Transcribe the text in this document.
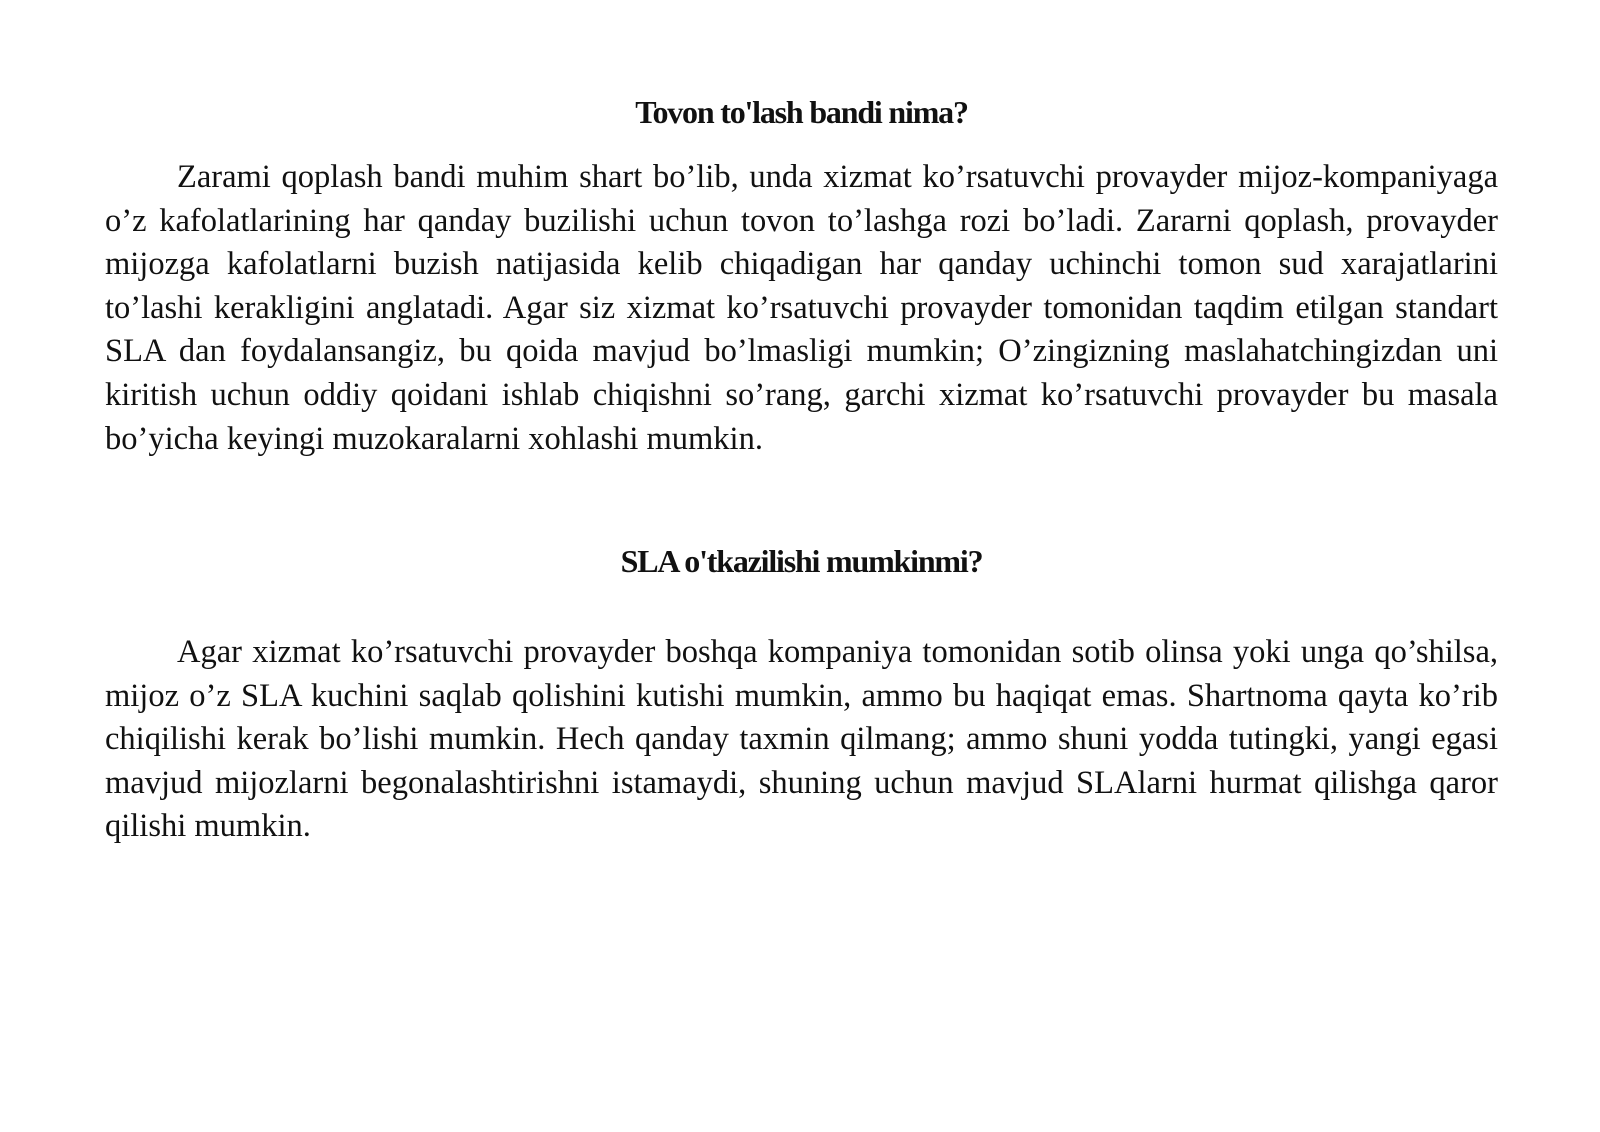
Tovon to'lash bandi nima?

Zarami qoplash bandi muhim shart bo’lib, unda xizmat ko’rsatuvchi provayder mijoz-kompaniyaga o’z kafolatlarining har qanday buzilishi uchun tovon to’lashga rozi bo’ladi. Zararni qoplash, provayder mijozga kafolatlarni buzish natijasida kelib chiqadigan har qanday uchinchi tomon sud xarajatlarini to’lashi kerakligini anglatadi. Agar siz xizmat ko’rsatuvchi provayder tomonidan taqdim etilgan standart SLA dan foydalansangiz, bu qoida mavjud bo’lmasligi mumkin; O’zingizning maslahatchingizdan uni kiritish uchun oddiy qoidani ishlab chiqishni so’rang, garchi xizmat ko’rsatuvchi provayder bu masala bo’yicha keyingi muzokaralarni xohlashi mumkin.

SLA o'tkazilishi mumkinmi?

Agar xizmat ko’rsatuvchi provayder boshqa kompaniya tomonidan sotib olinsa yoki unga qo’shilsa, mijoz o’z SLA kuchini saqlab qolishini kutishi mumkin, ammo bu haqiqat emas. Shartnoma qayta ko’rib chiqilishi kerak bo’lishi mumkin. Hech qanday taxmin qilmang; ammo shuni yodda tutingki, yangi egasi mavjud mijozlarni begonalashtirishni istamaydi, shuning uchun mavjud SLAlarni hurmat qilishga qaror qilishi mumkin.
